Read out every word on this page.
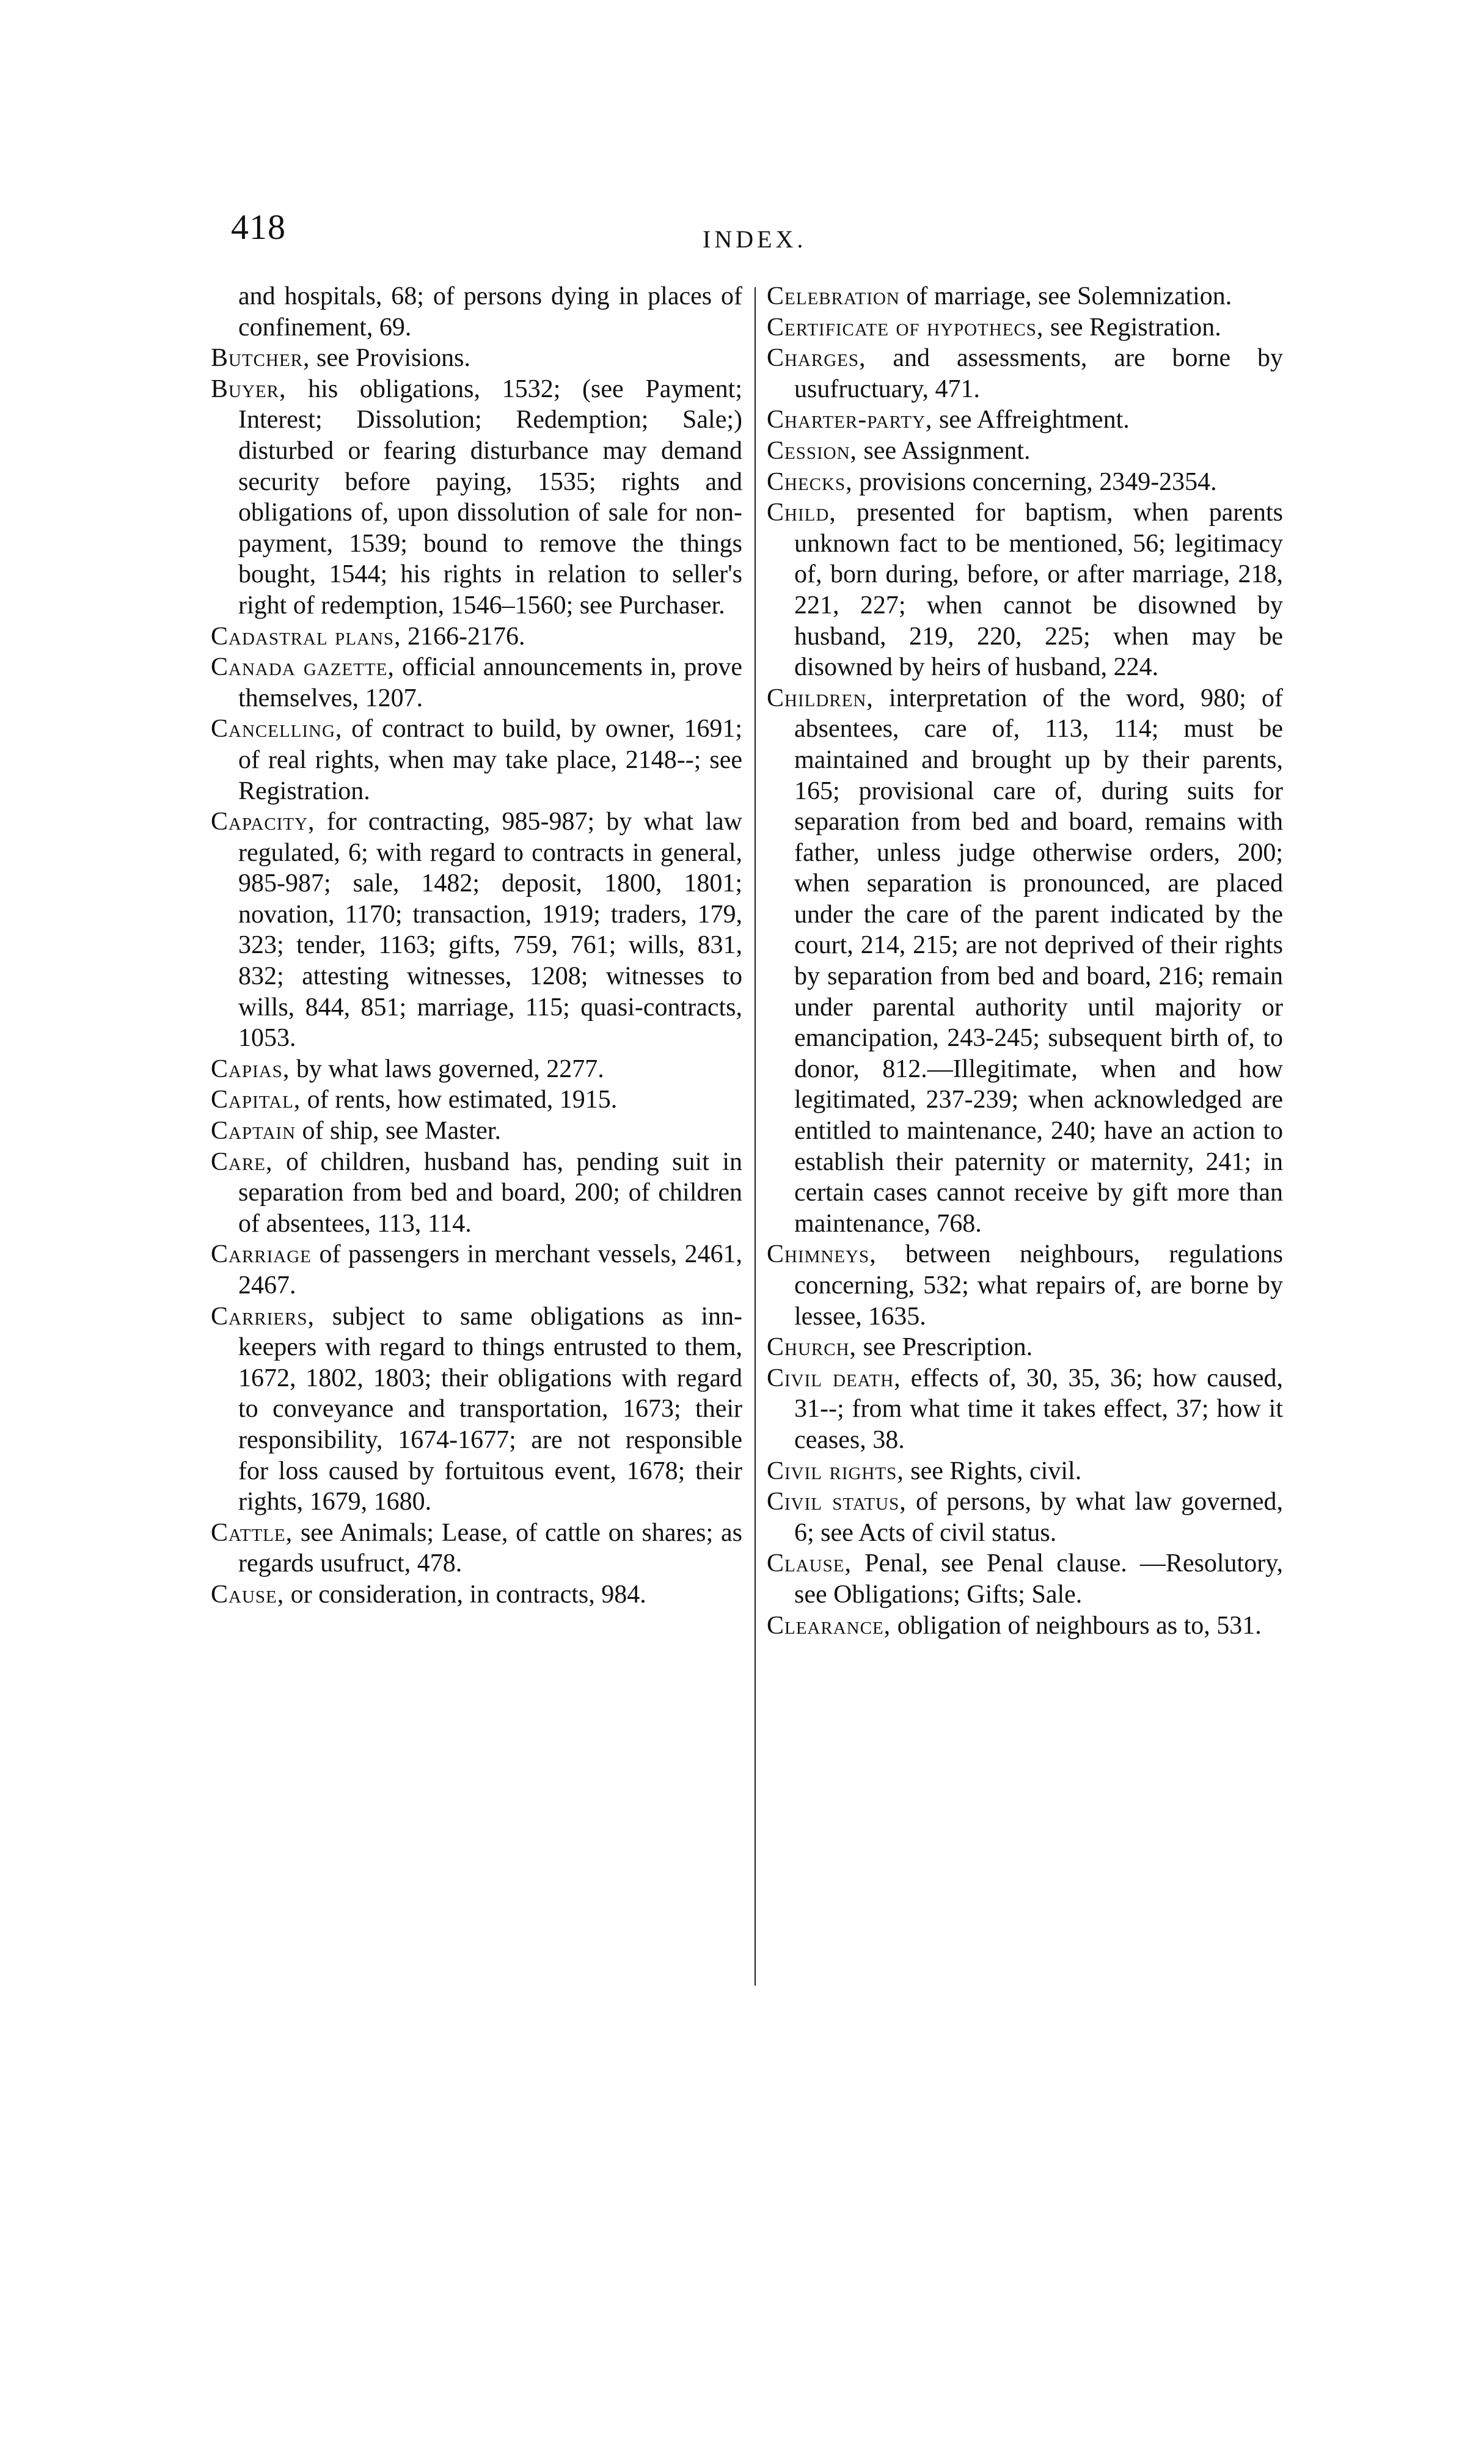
418	INDEX.

and hospitals, 68; of persons dying in places of confinement, 69.

Butcher, see Provisions.

Buyer, his obligations, 1532; (see Payment; Interest; Dissolution; Redemption; Sale;) disturbed or fearing disturbance may demand security before paying, 1535; rights and obligations of, upon dissolution of sale for non-payment, 1539; bound to remove the things bought, 1544; his rights in relation to seller's right of redemption, 1546–1560; see Purchaser.

Cadastral plans, 2166-2176.

Canada gazette, official announcements in, prove themselves, 1207.

Cancelling, of contract to build, by owner, 1691; of real rights, when may take place, 2148--; see Registration.

Capacity, for contracting, 985-987; by what law regulated, 6; with regard to contracts in general, 985-987; sale, 1482; deposit, 1800, 1801; novation, 1170; transaction, 1919; traders, 179, 323; tender, 1163; gifts, 759, 761; wills, 831, 832; attesting witnesses, 1208; witnesses to wills, 844, 851; marriage, 115; quasi-contracts, 1053.

Capias, by what laws governed, 2277.

Capital, of rents, how estimated, 1915.

Captain of ship, see Master.

Care, of children, husband has, pending suit in separation from bed and board, 200; of children of absentees, 113, 114.

Carriage of passengers in merchant vessels, 2461, 2467.

Carriers, subject to same obligations as inn-keepers with regard to things entrusted to them, 1672, 1802, 1803; their obligations with regard to conveyance and transportation, 1673; their responsibility, 1674-1677; are not responsible for loss caused by fortuitous event, 1678; their rights, 1679, 1680.

Cattle, see Animals; Lease, of cattle on shares; as regards usufruct, 478.

Cause, or consideration, in contracts, 984.

Celebration of marriage, see Solemnization.

Certificate of hypothecs, see Registration.

Charges, and assessments, are borne by usufructuary, 471.

Charter-party, see Affreightment.

Cession, see Assignment.

Checks, provisions concerning, 2349-2354.

Child, presented for baptism, when parents unknown fact to be mentioned, 56; legitimacy of, born during, before, or after marriage, 218, 221, 227; when cannot be disowned by husband, 219, 220, 225; when may be disowned by heirs of husband, 224.

Children, interpretation of the word, 980; of absentees, care of, 113, 114; must be maintained and brought up by their parents, 165; provisional care of, during suits for separation from bed and board, remains with father, unless judge otherwise orders, 200; when separation is pronounced, are placed under the care of the parent indicated by the court, 214, 215; are not deprived of their rights by separation from bed and board, 216; remain under parental authority until majority or emancipation, 243-245; subsequent birth of, to donor, 812.—Illegitimate, when and how legitimated, 237-239; when acknowledged are entitled to maintenance, 240; have an action to establish their paternity or maternity, 241; in certain cases cannot receive by gift more than maintenance, 768.

Chimneys, between neighbours, regulations concerning, 532; what repairs of, are borne by lessee, 1635.

Church, see Prescription.

Civil death, effects of, 30, 35, 36; how caused, 31--; from what time it takes effect, 37; how it ceases, 38.

Civil rights, see Rights, civil.

Civil status, of persons, by what law governed, 6; see Acts of civil status.

Clause, Penal, see Penal clause. —Resolutory, see Obligations; Gifts; Sale.

Clearance, obligation of neighbours as to, 531.
